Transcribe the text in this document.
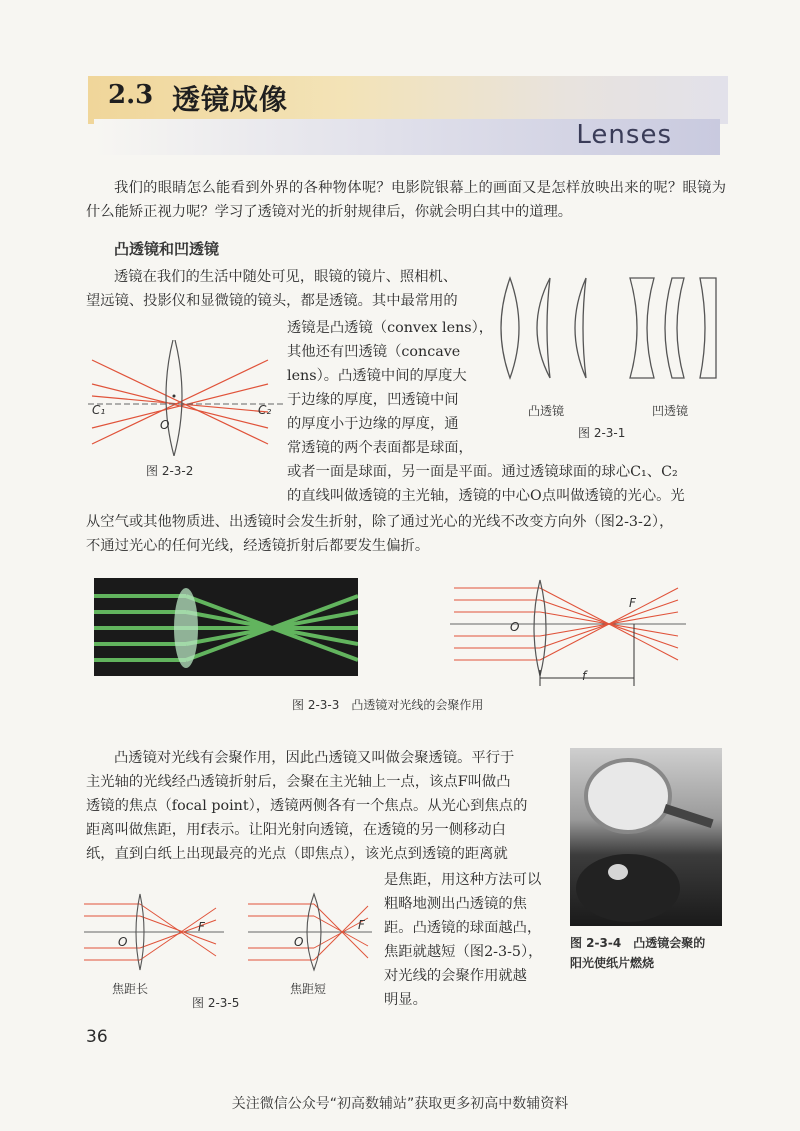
2.3 透镜成像
Lenses

我们的眼睛怎么能看到外界的各种物体呢？电影院银幕上的画面又是怎样放映出来的呢？眼镜为什么能矫正视力呢？学习了透镜对光的折射规律后，你就会明白其中的道理。

凸透镜和凹透镜
透镜在我们的生活中随处可见，眼镜的镜片、照相机、
望远镜、投影仪和显微镜的镜头，都是透镜。其中最常用的
透镜是凸透镜（convex lens），
其他还有凹透镜（concave
lens）。凸透镜中间的厚度大
于边缘的厚度，凹透镜中间
的厚度小于边缘的厚度，通
常透镜的两个表面都是球面，
或者一面是球面，另一面是平面。通过透镜球面的球心C₁、C₂
的直线叫做透镜的主光轴，透镜的中心O点叫做透镜的光心。光
从空气或其他物质进、出透镜时会发生折射，除了通过光心的光线不改变方向外（图2-3-2），
不通过光心的任何光线，经透镜折射后都要发生偏折。
凸透镜	凹透镜
图 2-3-1
C₁	C₂
O
图 2-3-2
F
O
f
图 2-3-3　凸透镜对光线的会聚作用
凸透镜对光线有会聚作用，因此凸透镜又叫做会聚透镜。平行于
主光轴的光线经凸透镜折射后，会聚在主光轴上一点，该点F叫做凸
透镜的焦点（focal point），透镜两侧各有一个焦点。从光心到焦点的
距离叫做焦距，用f表示。让阳光射向透镜，在透镜的另一侧移动白
纸，直到白纸上出现最亮的光点（即焦点），该光点到透镜的距离就
是焦距，用这种方法可以
粗略地测出凸透镜的焦
距。凸透镜的球面越凸，
焦距就越短（图2-3-5），
对光线的会聚作用就越
明显。
图 2-3-4　凸透镜会聚的
阳光使纸片燃烧
F
O
F
O
焦距长	焦距短
图 2-3-5
36
关注微信公众号“初高数辅站”获取更多初高中数辅资料
